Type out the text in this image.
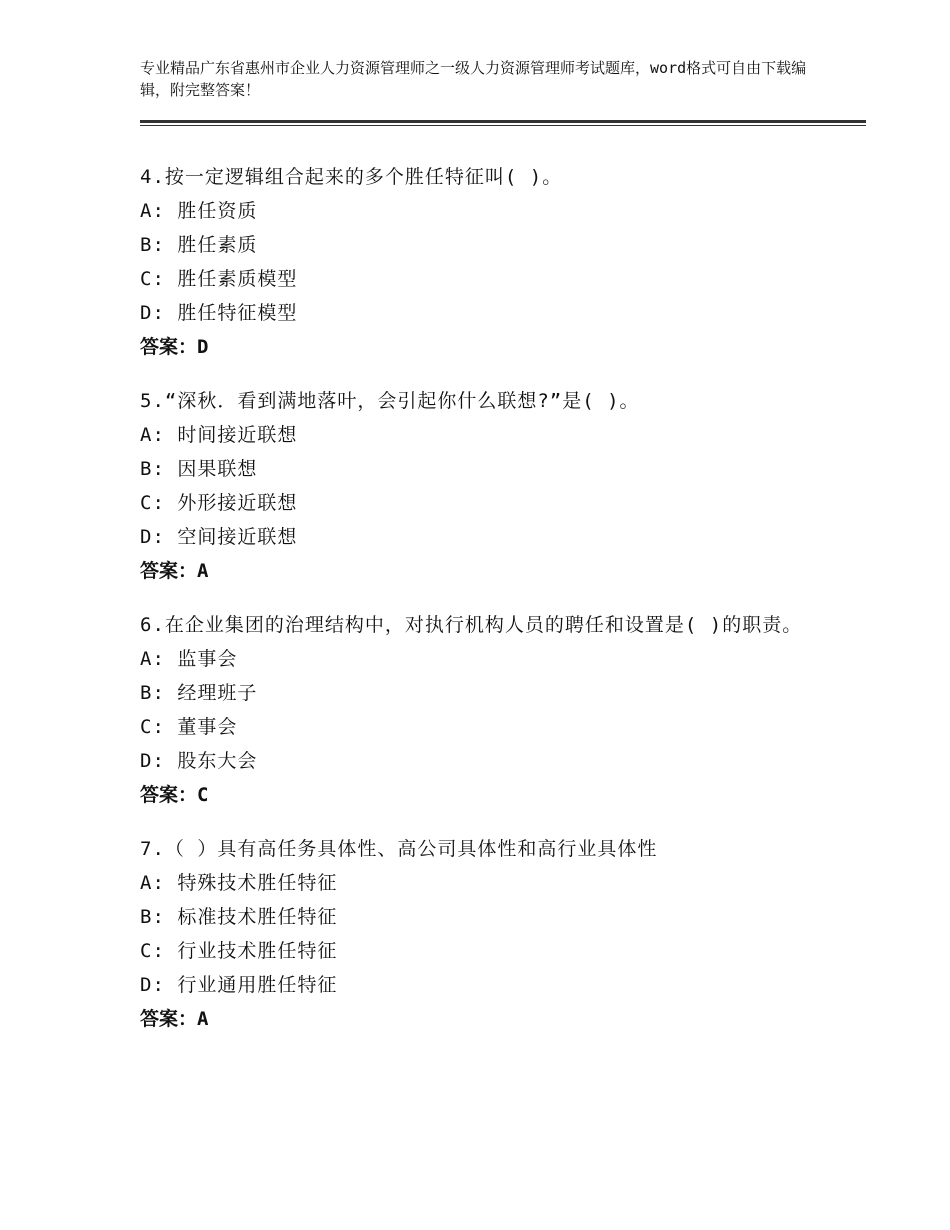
专业精品广东省惠州市企业人力资源管理师之一级人力资源管理师考试题库，word格式可自由下载编辑，附完整答案！
4.按一定逻辑组合起来的多个胜任特征叫( )。
A: 胜任资质
B: 胜任素质
C: 胜任素质模型
D: 胜任特征模型
答案：D
5.“深秋．看到满地落叶，会引起你什么联想?”是( )。
A: 时间接近联想
B: 因果联想
C: 外形接近联想
D: 空间接近联想
答案：A
6.在企业集团的治理结构中，对执行机构人员的聘任和设置是( )的职责。
A: 监事会
B: 经理班子
C: 董事会
D: 股东大会
答案：C
7.（ ）具有高任务具体性、高公司具体性和高行业具体性
A: 特殊技术胜任特征
B: 标准技术胜任特征
C: 行业技术胜任特征
D: 行业通用胜任特征
答案：A
